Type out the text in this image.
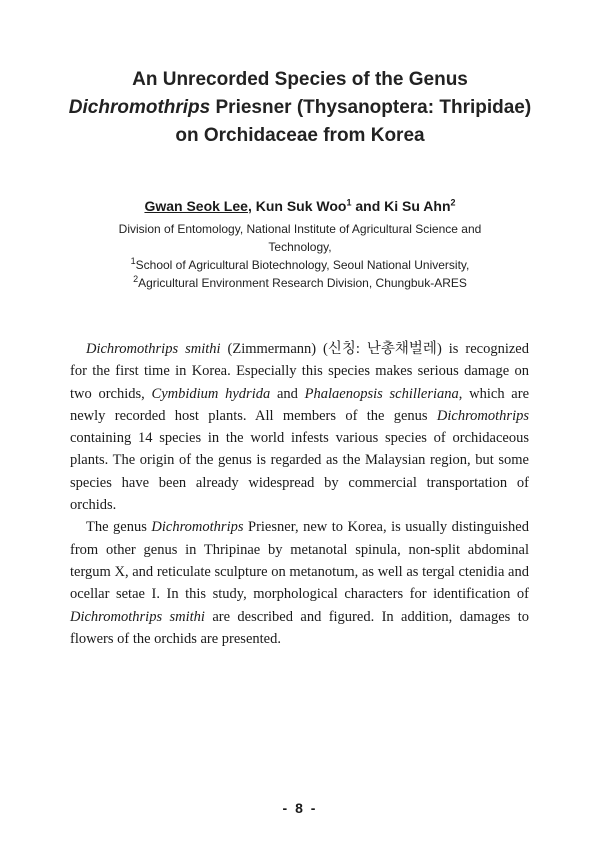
An Unrecorded Species of the Genus
Dichromothrips Priesner (Thysanoptera: Thripidae)
on Orchidaceae from Korea
Gwan Seok Lee, Kun Suk Woo$^1$ and Ki Su Ahn$^2$
Division of Entomology, National Institute of Agricultural Science and
Technology,
$^1$School of Agricultural Biotechnology, Seoul National University,
$^2$Agricultural Environment Research Division, Chungbuk-ARES

Dichromothrips smithi (Zimmermann) (신칭: 난총채벌레) is recognized for the first time in Korea. Especially this species makes serious damage on two orchids, Cymbidium hydrida and Phalaenopsis schilleriana, which are newly recorded host plants. All members of the genus Dichromothrips containing 14 species in the world infests various species of orchidaceous plants. The origin of the genus is regarded as the Malaysian region, but some species have been already widespread by commercial transportation of orchids.

The genus Dichromothrips Priesner, new to Korea, is usually distinguished from other genus in Thripinae by metanotal spinula, non-split abdominal tergum X, and reticulate sculpture on metanotum, as well as tergal ctenidia and ocellar setae I. In this study, morphological characters for identification of Dichromothrips smithi are described and figured. In addition, damages to flowers of the orchids are presented.

- 8 -
